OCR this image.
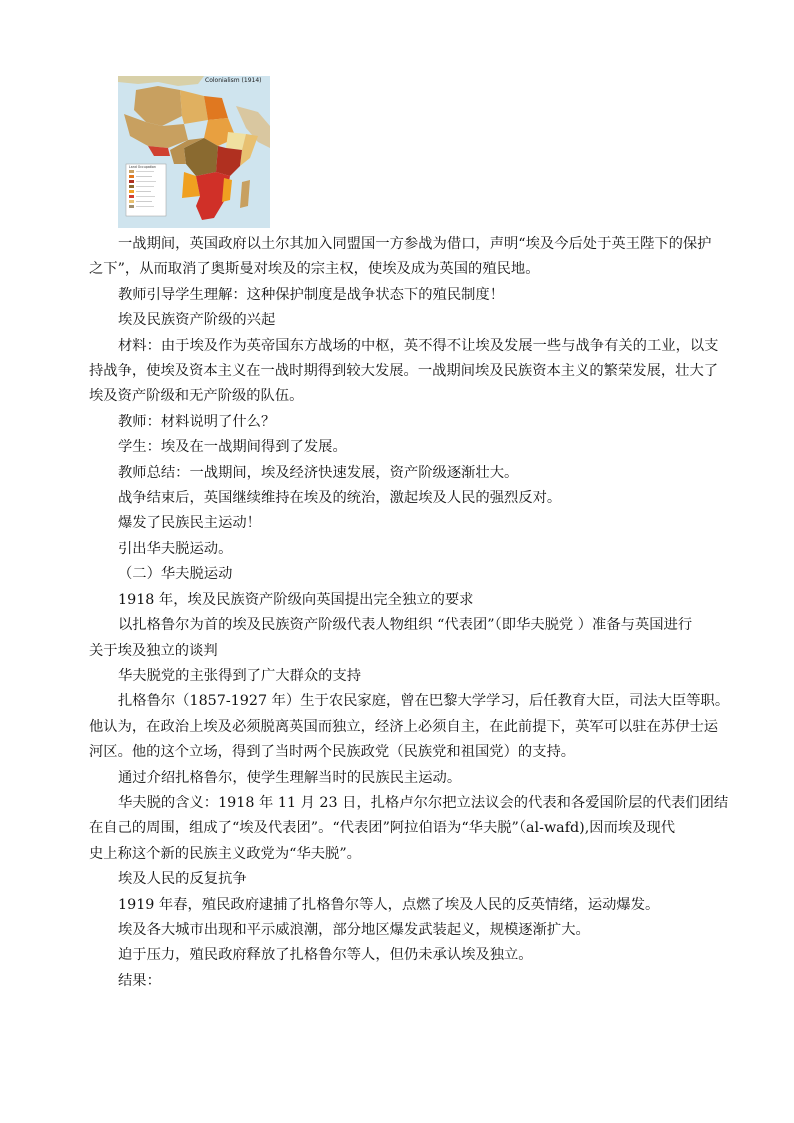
Land Occupation
Colonialism (1914)
一战期间，英国政府以土尔其加入同盟国一方参战为借口，声明“埃及今后处于英王陛下的保护
之下”，从而取消了奥斯曼对埃及的宗主权，使埃及成为英国的殖民地。
教师引导学生理解：这种保护制度是战争状态下的殖民制度！
埃及民族资产阶级的兴起
材料：由于埃及作为英帝国东方战场的中枢，英不得不让埃及发展一些与战争有关的工业，以支
持战争，使埃及资本主义在一战时期得到较大发展。一战期间埃及民族资本主义的繁荣发展，壮大了
埃及资产阶级和无产阶级的队伍。
教师：材料说明了什么？
学生：埃及在一战期间得到了发展。
教师总结：一战期间，埃及经济快速发展，资产阶级逐渐壮大。
战争结束后，英国继续维持在埃及的统治，激起埃及人民的强烈反对。
爆发了民族民主运动！
引出华夫脱运动。
（二）华夫脱运动
1918 年，埃及民族资产阶级向英国提出完全独立的要求
以扎格鲁尔为首的埃及民族资产阶级代表人物组织 “代表团”（即华夫脱党 ）准备与英国进行
关于埃及独立的谈判
华夫脱党的主张得到了广大群众的支持
扎格鲁尔（1857-1927 年）生于农民家庭，曾在巴黎大学学习，后任教育大臣，司法大臣等职。
他认为，在政治上埃及必须脱离英国而独立，经济上必须自主，在此前提下，英军可以驻在苏伊士运
河区。他的这个立场，得到了当时两个民族政党（民族党和祖国党）的支持。
通过介绍扎格鲁尔，使学生理解当时的民族民主运动。
华夫脱的含义：1918 年 11 月 23 日，扎格卢尔尔把立法议会的代表和各爱国阶层的代表们团结
在自己的周围，组成了“埃及代表团”。“代表团”阿拉伯语为“华夫脱”（al-wafd),因而埃及现代
史上称这个新的民族主义政党为“华夫脱”。
埃及人民的反复抗争
1919 年春，殖民政府逮捕了扎格鲁尔等人，点燃了埃及人民的反英情绪，运动爆发。
埃及各大城市出现和平示威浪潮，部分地区爆发武装起义，规模逐渐扩大。
迫于压力，殖民政府释放了扎格鲁尔等人，但仍未承认埃及独立。
结果：
